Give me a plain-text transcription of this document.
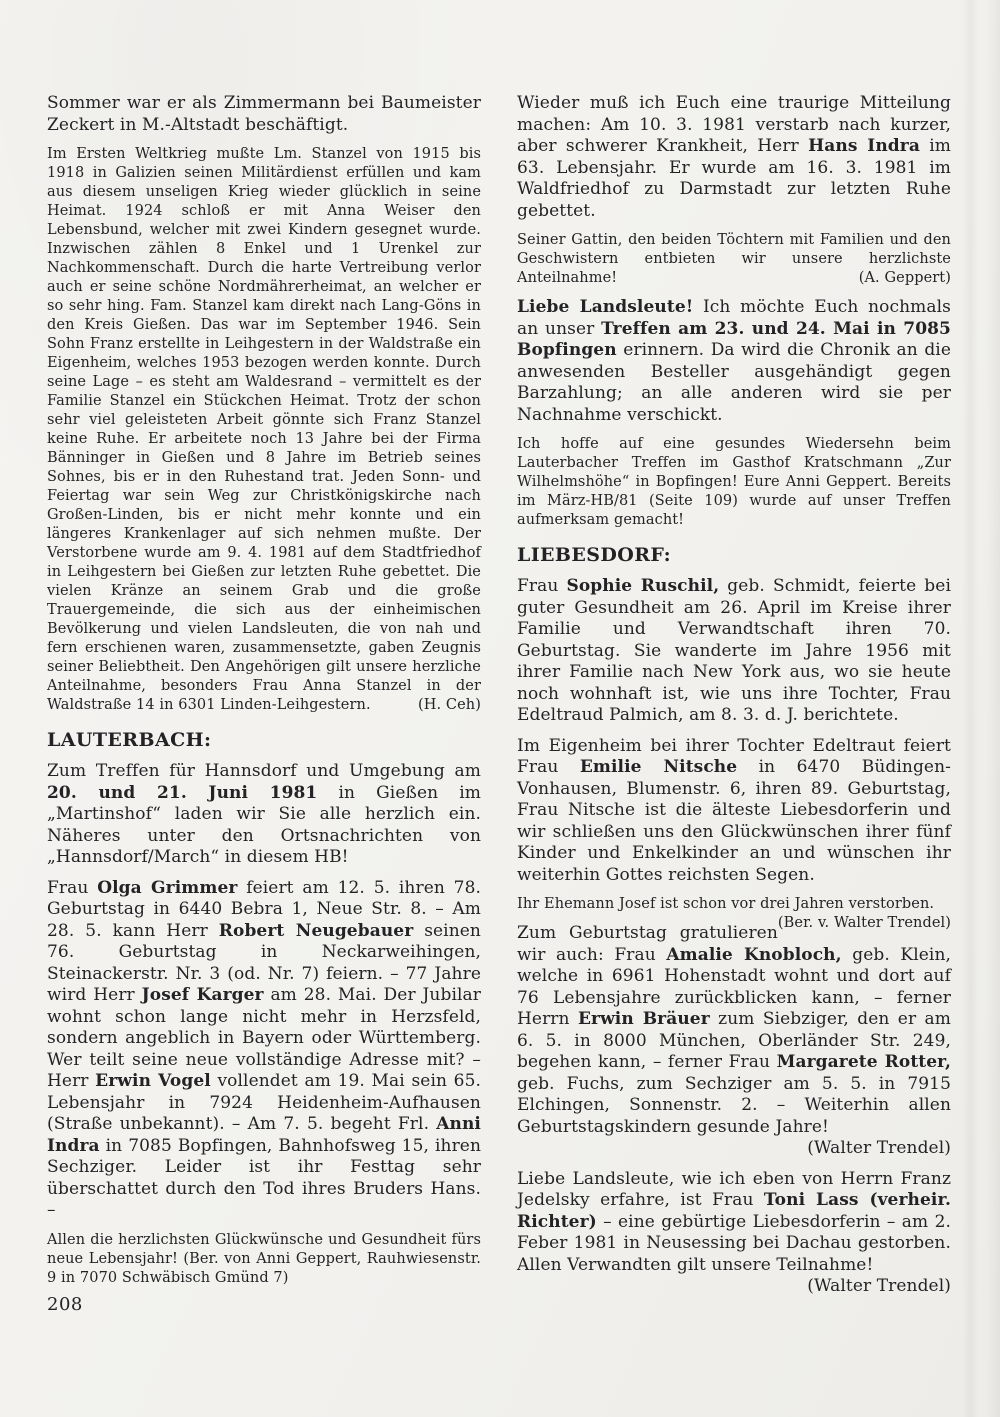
Sommer war er als Zimmermann bei Baumeister Zeckert in M.-Altstadt beschäftigt.

Im Ersten Weltkrieg mußte Lm. Stanzel von 1915 bis 1918 in Galizien seinen Militärdienst erfüllen und kam aus diesem unseligen Krieg wieder glücklich in seine Heimat. 1924 schloß er mit Anna Weiser den Lebensbund, welcher mit zwei Kindern gesegnet wurde. Inzwischen zählen 8 Enkel und 1 Urenkel zur Nachkommenschaft. Durch die harte Vertreibung verlor auch er seine schöne Nordmährerheimat, an welcher er so sehr hing. Fam. Stanzel kam direkt nach Lang-Göns in den Kreis Gießen. Das war im September 1946. Sein Sohn Franz erstellte in Leihgestern in der Waldstraße ein Eigenheim, welches 1953 bezogen werden konnte. Durch seine Lage – es steht am Waldesrand – vermittelt es der Familie Stanzel ein Stückchen Heimat. Trotz der schon sehr viel geleisteten Arbeit gönnte sich Franz Stanzel keine Ruhe. Er arbeitete noch 13 Jahre bei der Firma Bänninger in Gießen und 8 Jahre im Betrieb seines Sohnes, bis er in den Ruhestand trat. Jeden Sonn- und Feiertag war sein Weg zur Christkönigskirche nach Großen-Linden, bis er nicht mehr konnte und ein längeres Krankenlager auf sich nehmen mußte. Der Verstorbene wurde am 9. 4. 1981 auf dem Stadtfriedhof in Leihgestern bei Gießen zur letzten Ruhe gebettet. Die vielen Kränze an seinem Grab und die große Trauergemeinde, die sich aus der einheimischen Bevölkerung und vielen Landsleuten, die von nah und fern erschienen waren, zusammensetzte, gaben Zeugnis seiner Beliebtheit. Den Angehörigen gilt unsere herzliche Anteilnahme, besonders Frau Anna Stanzel in der Waldstraße 14 in 6301 Linden-Leihgestern.	(H. Ceh)

LAUTERBACH:

Zum Treffen für Hannsdorf und Umgebung am 20. und 21. Juni 1981 in Gießen im „Martinshof“ laden wir Sie alle herzlich ein. Näheres unter den Ortsnachrichten von „Hannsdorf/March“ in diesem HB!

Frau Olga Grimmer feiert am 12. 5. ihren 78. Geburtstag in 6440 Bebra 1, Neue Str. 8. – Am 28. 5. kann Herr Robert Neugebauer seinen 76. Geburtstag in Neckarweihingen, Steinackerstr. Nr. 3 (od. Nr. 7) feiern. – 77 Jahre wird Herr Josef Karger am 28. Mai. Der Jubilar wohnt schon lange nicht mehr in Herzsfeld, sondern angeblich in Bayern oder Württemberg. Wer teilt seine neue vollständige Adresse mit? – Herr Erwin Vogel vollendet am 19. Mai sein 65. Lebensjahr in 7924 Heidenheim-Aufhausen (Straße unbekannt). – Am 7. 5. begeht Frl. Anni Indra in 7085 Bopfingen, Bahnhofsweg 15, ihren Sechziger. Leider ist ihr Festtag sehr überschattet durch den Tod ihres Bruders Hans. –

Allen die herzlichsten Glückwünsche und Gesundheit fürs neue Lebensjahr! (Ber. von Anni Geppert, Rauhwiesenstr. 9 in 7070 Schwäbisch Gmünd 7)

Wieder muß ich Euch eine traurige Mitteilung machen: Am 10. 3. 1981 verstarb nach kurzer, aber schwerer Krankheit, Herr Hans Indra im 63. Lebensjahr. Er wurde am 16. 3. 1981 im Waldfriedhof zu Darmstadt zur letzten Ruhe gebettet.

Seiner Gattin, den beiden Töchtern mit Familien und den Geschwistern entbieten wir unsere herzlichste Anteilnahme!	(A. Geppert)

Liebe Landsleute! Ich möchte Euch nochmals an unser Treffen am 23. und 24. Mai in 7085 Bopfingen erinnern. Da wird die Chronik an die anwesenden Besteller ausgehändigt gegen Barzahlung; an alle anderen wird sie per Nachnahme verschickt.

Ich hoffe auf eine gesundes Wiedersehn beim Lauterbacher Treffen im Gasthof Kratschmann „Zur Wilhelmshöhe“ in Bopfingen! Eure Anni Geppert. Bereits im März-HB/81 (Seite 109) wurde auf unser Treffen aufmerksam gemacht!

LIEBESDORF:

Frau Sophie Ruschil, geb. Schmidt, feierte bei guter Gesundheit am 26. April im Kreise ihrer Familie und Verwandtschaft ihren 70. Geburtstag. Sie wanderte im Jahre 1956 mit ihrer Familie nach New York aus, wo sie heute noch wohnhaft ist, wie uns ihre Tochter, Frau Edeltraud Palmich, am 8. 3. d. J. berichtete.

Im Eigenheim bei ihrer Tochter Edeltraut feiert Frau Emilie Nitsche in 6470 Büdingen-Vonhausen, Blumenstr. 6, ihren 89. Geburtstag, Frau Nitsche ist die älteste Liebesdorferin und wir schließen uns den Glückwünschen ihrer fünf Kinder und Enkelkinder an und wünschen ihr weiterhin Gottes reichsten Segen.

Ihr Ehemann Josef ist schon vor drei Jahren verstorben.
(Ber. v. Walter Trendel)

Zum Geburtstag gratulieren wir auch: Frau Amalie Knobloch, geb. Klein, welche in 6961 Hohenstadt wohnt und dort auf 76 Lebensjahre zurückblicken kann, – ferner Herrn Erwin Bräuer zum Siebziger, den er am 6. 5. in 8000 München, Oberländer Str. 249, begehen kann, – ferner Frau Margarete Rotter, geb. Fuchs, zum Sechziger am 5. 5. in 7915 Elchingen, Sonnenstr. 2. – Weiterhin allen Geburtstagskindern gesunde Jahre!
(Walter Trendel)

Liebe Landsleute, wie ich eben von Herrn Franz Jedelsky erfahre, ist Frau Toni Lass (verheir. Richter) – eine gebürtige Liebesdorferin – am 2. Feber 1981 in Neusessing bei Dachau gestorben. Allen Verwandten gilt unsere Teilnahme!
(Walter Trendel)

208
